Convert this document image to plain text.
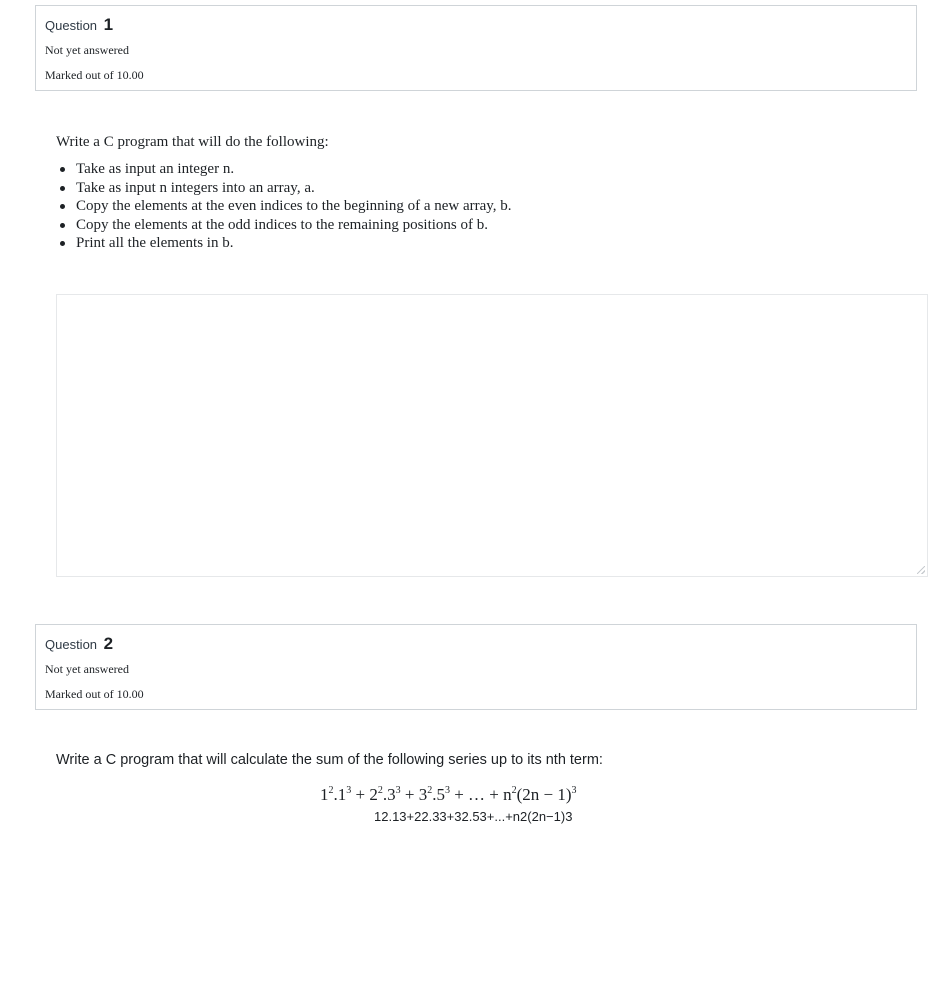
Question 1
Not yet answered
Marked out of 10.00
Write a C program that will do the following:
Take as input an integer n.
Take as input n integers into an array, a.
Copy the elements at the even indices to the beginning of a new array, b.
Copy the elements at the odd indices to the remaining positions of b.
Print all the elements in b.
Question 2
Not yet answered
Marked out of 10.00
Write a C program that will calculate the sum of the following series up to its nth term:
$1^2.1^3 + 2^2.3^3 + 3^2.5^3$ + … + $n^2(2n - 1)^3$
12.13+22.33+32.53+...+n2(2n−1)3
